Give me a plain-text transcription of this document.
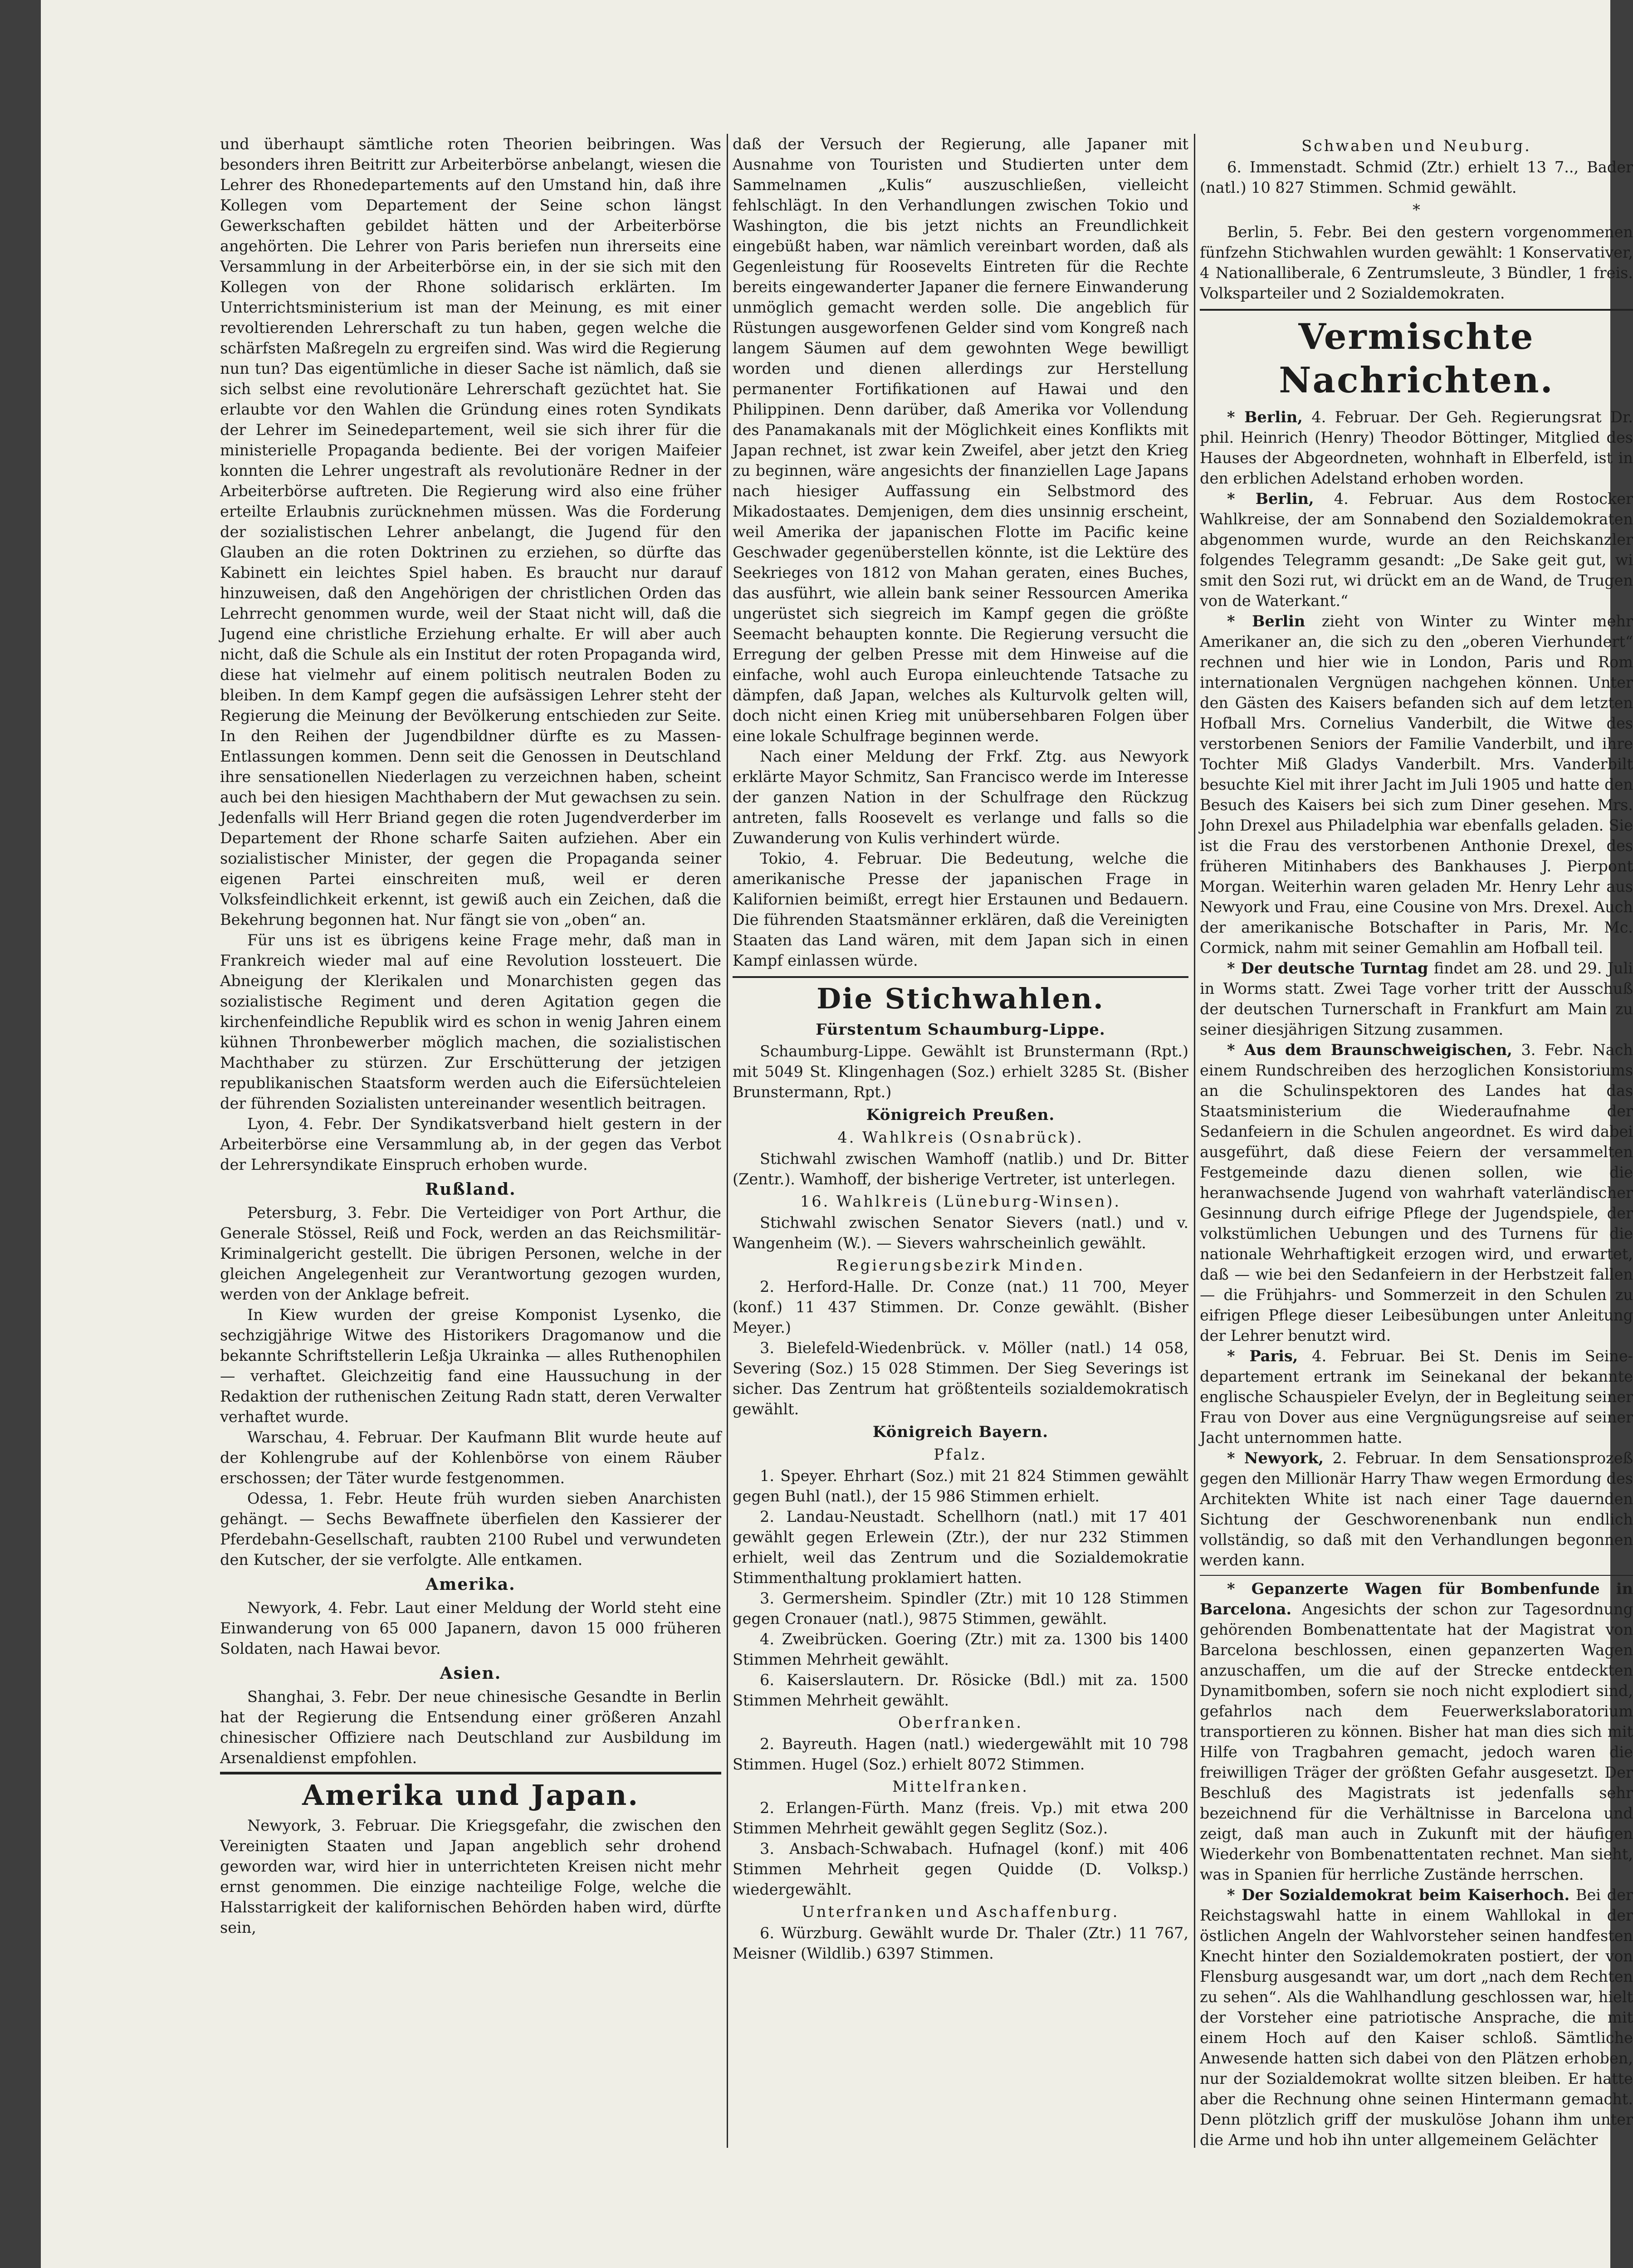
und überhaupt sämtliche roten Theorien beibringen. Was besonders ihren Beitritt zur Arbeiterbörse anbelangt, wiesen die Lehrer des Rhonedepartements auf den Umstand hin, daß ihre Kollegen vom Departement der Seine schon längst Gewerkschaften gebildet hätten und der Arbeiterbörse angehörten. Die Lehrer von Paris beriefen nun ihrerseits eine Versammlung in der Arbeiterbörse ein, in der sie sich mit den Kollegen von der Rhone solidarisch erklärten. Im Unterrichtsministerium ist man der Meinung, es mit einer revoltierenden Lehrerschaft zu tun haben, gegen welche die schärfsten Maßregeln zu ergreifen sind. Was wird die Regierung nun tun? Das eigentümliche in dieser Sache ist nämlich, daß sie sich selbst eine revolutionäre Lehrerschaft gezüchtet hat. Sie erlaubte vor den Wahlen die Gründung eines roten Syndikats der Lehrer im Seinedepartement, weil sie sich ihrer für die ministerielle Propaganda bediente. Bei der vorigen Maifeier konnten die Lehrer ungestraft als revolutionäre Redner in der Arbeiterbörse auftreten. Die Regierung wird also eine früher erteilte Erlaubnis zurücknehmen müssen. Was die Forderung der sozialistischen Lehrer anbelangt, die Jugend für den Glauben an die roten Doktrinen zu erziehen, so dürfte das Kabinett ein leichtes Spiel haben. Es braucht nur darauf hinzuweisen, daß den Angehörigen der christlichen Orden das Lehrrecht genommen wurde, weil der Staat nicht will, daß die Jugend eine christliche Erziehung erhalte. Er will aber auch nicht, daß die Schule als ein Institut der roten Propaganda wird, diese hat vielmehr auf einem politisch neutralen Boden zu bleiben. In dem Kampf gegen die aufsässigen Lehrer steht der Regierung die Meinung der Bevölkerung entschieden zur Seite. In den Reihen der Jugendbildner dürfte es zu Massen-Entlassungen kommen. Denn seit die Genossen in Deutschland ihre sensationellen Niederlagen zu verzeichnen haben, scheint auch bei den hiesigen Machthabern der Mut gewachsen zu sein. Jedenfalls will Herr Briand gegen die roten Jugendverderber im Departement der Rhone scharfe Saiten aufziehen. Aber ein sozialistischer Minister, der gegen die Propaganda seiner eigenen Partei einschreiten muß, weil er deren Volksfeindlichkeit erkennt, ist gewiß auch ein Zeichen, daß die Bekehrung begonnen hat. Nur fängt sie von „oben“ an.

Für uns ist es übrigens keine Frage mehr, daß man in Frankreich wieder mal auf eine Revolution lossteuert. Die Abneigung der Klerikalen und Monarchisten gegen das sozialistische Regiment und deren Agitation gegen die kirchenfeindliche Republik wird es schon in wenig Jahren einem kühnen Thronbewerber möglich machen, die sozialistischen Machthaber zu stürzen. Zur Erschütterung der jetzigen republikanischen Staatsform werden auch die Eifersüchteleien der führenden Sozialisten untereinander wesentlich beitragen.

Lyon, 4. Febr. Der Syndikatsverband hielt gestern in der Arbeiterbörse eine Versammlung ab, in der gegen das Verbot der Lehrersyndikate Einspruch erhoben wurde.

Rußland.

Petersburg, 3. Febr. Die Verteidiger von Port Arthur, die Generale Stössel, Reiß und Fock, werden an das Reichsmilitär-Kriminalgericht gestellt. Die übrigen Personen, welche in der gleichen Angelegenheit zur Verantwortung gezogen wurden, werden von der Anklage befreit.

In Kiew wurden der greise Komponist Lysenko, die sechzigjährige Witwe des Historikers Dragomanow und die bekannte Schriftstellerin Leßja Ukrainka — alles Ruthenophilen — verhaftet. Gleichzeitig fand eine Haussuchung in der Redaktion der ruthenischen Zeitung Radn statt, deren Verwalter verhaftet wurde.

Warschau, 4. Februar. Der Kaufmann Blit wurde heute auf der Kohlengrube auf der Kohlenbörse von einem Räuber erschossen; der Täter wurde festgenommen.

Odessa, 1. Febr. Heute früh wurden sieben Anarchisten gehängt. — Sechs Bewaffnete überfielen den Kassierer der Pferdebahn-Gesellschaft, raubten 2100 Rubel und verwundeten den Kutscher, der sie verfolgte. Alle entkamen.

Amerika.

Newyork, 4. Febr. Laut einer Meldung der World steht eine Einwanderung von 65 000 Japanern, davon 15 000 früheren Soldaten, nach Hawai bevor.

Asien.

Shanghai, 3. Febr. Der neue chinesische Gesandte in Berlin hat der Regierung die Entsendung einer größeren Anzahl chinesischer Offiziere nach Deutschland zur Ausbildung im Arsenaldienst empfohlen.

Amerika und Japan.

Newyork, 3. Februar. Die Kriegsgefahr, die zwischen den Vereinigten Staaten und Japan angeblich sehr drohend geworden war, wird hier in unterrichteten Kreisen nicht mehr ernst genommen. Die einzige nachteilige Folge, welche die Halsstarrigkeit der kalifornischen Behörden haben wird, dürfte sein,

daß der Versuch der Regierung, alle Japaner mit Ausnahme von Touristen und Studierten unter dem Sammelnamen „Kulis“ auszuschließen, vielleicht fehlschlägt. In den Verhandlungen zwischen Tokio und Washington, die bis jetzt nichts an Freundlichkeit eingebüßt haben, war nämlich vereinbart worden, daß als Gegenleistung für Roosevelts Eintreten für die Rechte bereits eingewanderter Japaner die fernere Einwanderung unmöglich gemacht werden solle. Die angeblich für Rüstungen ausgeworfenen Gelder sind vom Kongreß nach langem Säumen auf dem gewohnten Wege bewilligt worden und dienen allerdings zur Herstellung permanenter Fortifikationen auf Hawai und den Philippinen. Denn darüber, daß Amerika vor Vollendung des Panamakanals mit der Möglichkeit eines Konflikts mit Japan rechnet, ist zwar kein Zweifel, aber jetzt den Krieg zu beginnen, wäre angesichts der finanziellen Lage Japans nach hiesiger Auffassung ein Selbstmord des Mikadostaates. Demjenigen, dem dies unsinnig erscheint, weil Amerika der japanischen Flotte im Pacific keine Geschwader gegenüberstellen könnte, ist die Lektüre des Seekrieges von 1812 von Mahan geraten, eines Buches, das ausführt, wie allein bank seiner Ressourcen Amerika ungerüstet sich siegreich im Kampf gegen die größte Seemacht behaupten konnte. Die Regierung versucht die Erregung der gelben Presse mit dem Hinweise auf die einfache, wohl auch Europa einleuchtende Tatsache zu dämpfen, daß Japan, welches als Kulturvolk gelten will, doch nicht einen Krieg mit unübersehbaren Folgen über eine lokale Schulfrage beginnen werde.

Nach einer Meldung der Frkf. Ztg. aus Newyork erklärte Mayor Schmitz, San Francisco werde im Interesse der ganzen Nation in der Schulfrage den Rückzug antreten, falls Roosevelt es verlange und falls so die Zuwanderung von Kulis verhindert würde.

Tokio, 4. Februar. Die Bedeutung, welche die amerikanische Presse der japanischen Frage in Kalifornien beimißt, erregt hier Erstaunen und Bedauern. Die führenden Staatsmänner erklären, daß die Vereinigten Staaten das Land wären, mit dem Japan sich in einen Kampf einlassen würde.

Die Stichwahlen.
Fürstentum Schaumburg-Lippe.

Schaumburg-Lippe. Gewählt ist Brunstermann (Rpt.) mit 5049 St. Klingenhagen (Soz.) erhielt 3285 St. (Bisher Brunstermann, Rpt.)

Königreich Preußen.
4. Wahlkreis (Osnabrück).

Stichwahl zwischen Wamhoff (natlib.) und Dr. Bitter (Zentr.). Wamhoff, der bisherige Vertreter, ist unterlegen.

16. Wahlkreis (Lüneburg-Winsen).

Stichwahl zwischen Senator Sievers (natl.) und v. Wangenheim (W.). — Sievers wahrscheinlich gewählt.

Regierungsbezirk Minden.

2. Herford-Halle. Dr. Conze (nat.) 11 700, Meyer (konf.) 11 437 Stimmen. Dr. Conze gewählt. (Bisher Meyer.)

3. Bielefeld-Wiedenbrück. v. Möller (natl.) 14 058, Severing (Soz.) 15 028 Stimmen. Der Sieg Severings ist sicher. Das Zentrum hat größtenteils sozialdemokratisch gewählt.

Königreich Bayern.
Pfalz.

1. Speyer. Ehrhart (Soz.) mit 21 824 Stimmen gewählt gegen Buhl (natl.), der 15 986 Stimmen erhielt.

2. Landau-Neustadt. Schellhorn (natl.) mit 17 401 gewählt gegen Erlewein (Ztr.), der nur 232 Stimmen erhielt, weil das Zentrum und die Sozialdemokratie Stimmenthaltung proklamiert hatten.

3. Germersheim. Spindler (Ztr.) mit 10 128 Stimmen gegen Cronauer (natl.), 9875 Stimmen, gewählt.

4. Zweibrücken. Goering (Ztr.) mit za. 1300 bis 1400 Stimmen Mehrheit gewählt.

6. Kaiserslautern. Dr. Rösicke (Bdl.) mit za. 1500 Stimmen Mehrheit gewählt.

Oberfranken.

2. Bayreuth. Hagen (natl.) wiedergewählt mit 10 798 Stimmen. Hugel (Soz.) erhielt 8072 Stimmen.

Mittelfranken.

2. Erlangen-Fürth. Manz (freis. Vp.) mit etwa 200 Stimmen Mehrheit gewählt gegen Seglitz (Soz.).

3. Ansbach-Schwabach. Hufnagel (konf.) mit 406 Stimmen Mehrheit gegen Quidde (D. Volksp.) wiedergewählt.

Unterfranken und Aschaffenburg.

6. Würzburg. Gewählt wurde Dr. Thaler (Ztr.) 11 767, Meisner (Wildlib.) 6397 Stimmen.

Schwaben und Neuburg.

6. Immenstadt. Schmid (Ztr.) erhielt 13 7.., Bader (natl.) 10 827 Stimmen. Schmid gewählt.

*

Berlin, 5. Febr. Bei den gestern vorgenommenen fünfzehn Stichwahlen wurden gewählt: 1 Konservativer, 4 Nationalliberale, 6 Zentrumsleute, 3 Bündler, 1 freis. Volksparteiler und 2 Sozialdemokraten.

Vermischte Nachrichten.

* Berlin, 4. Februar. Der Geh. Regierungsrat Dr. phil. Heinrich (Henry) Theodor Böttinger, Mitglied des Hauses der Abgeordneten, wohnhaft in Elberfeld, ist in den erblichen Adelstand erhoben worden.

* Berlin, 4. Februar. Aus dem Rostocker Wahlkreise, der am Sonnabend den Sozialdemokraten abgenommen wurde, wurde an den Reichskanzler folgendes Telegramm gesandt: „De Sake geit gut, wi smit den Sozi rut, wi drückt em an de Wand, de Trugen von de Waterkant.“

* Berlin zieht von Winter zu Winter mehr Amerikaner an, die sich zu den „oberen Vierhundert“ rechnen und hier wie in London, Paris und Rom internationalen Vergnügen nachgehen können. Unter den Gästen des Kaisers befanden sich auf dem letzten Hofball Mrs. Cornelius Vanderbilt, die Witwe des verstorbenen Seniors der Familie Vanderbilt, und ihre Tochter Miß Gladys Vanderbilt. Mrs. Vanderbilt besuchte Kiel mit ihrer Jacht im Juli 1905 und hatte den Besuch des Kaisers bei sich zum Diner gesehen. Mrs. John Drexel aus Philadelphia war ebenfalls geladen. Sie ist die Frau des verstorbenen Anthonie Drexel, des früheren Mitinhabers des Bankhauses J. Pierpont Morgan. Weiterhin waren geladen Mr. Henry Lehr aus Newyork und Frau, eine Cousine von Mrs. Drexel. Auch der amerikanische Botschafter in Paris, Mr. Mc. Cormick, nahm mit seiner Gemahlin am Hofball teil.

* Der deutsche Turntag findet am 28. und 29. Juli in Worms statt. Zwei Tage vorher tritt der Ausschuß der deutschen Turnerschaft in Frankfurt am Main zu seiner diesjährigen Sitzung zusammen.

* Aus dem Braunschweigischen, 3. Febr. Nach einem Rundschreiben des herzoglichen Konsistoriums an die Schulinspektoren des Landes hat das Staatsministerium die Wiederaufnahme der Sedanfeiern in die Schulen angeordnet. Es wird dabei ausgeführt, daß diese Feiern der versammelten Festgemeinde dazu dienen sollen, wie die heranwachsende Jugend von wahrhaft vaterländischer Gesinnung durch eifrige Pflege der Jugendspiele, der volkstümlichen Uebungen und des Turnens für die nationale Wehrhaftigkeit erzogen wird, und erwartet, daß — wie bei den Sedanfeiern in der Herbstzeit fallen — die Frühjahrs- und Sommerzeit in den Schulen zu eifrigen Pflege dieser Leibesübungen unter Anleitung der Lehrer benutzt wird.

* Paris, 4. Februar. Bei St. Denis im Seine-departement ertrank im Seinekanal der bekannte englische Schauspieler Evelyn, der in Begleitung seiner Frau von Dover aus eine Vergnügungsreise auf seiner Jacht unternommen hatte.

* Newyork, 2. Februar. In dem Sensationsprozeß gegen den Millionär Harry Thaw wegen Ermordung des Architekten White ist nach einer Tage dauernden Sichtung der Geschworenenbank nun endlich vollständig, so daß mit den Verhandlungen begonnen werden kann.

* Gepanzerte Wagen für Bombenfunde in Barcelona. Angesichts der schon zur Tagesordnung gehörenden Bombenattentate hat der Magistrat von Barcelona beschlossen, einen gepanzerten Wagen anzuschaffen, um die auf der Strecke entdeckten Dynamitbomben, sofern sie noch nicht explodiert sind, gefahrlos nach dem Feuerwerkslaboratorium transportieren zu können. Bisher hat man dies sich mit Hilfe von Tragbahren gemacht, jedoch waren die freiwilligen Träger der größten Gefahr ausgesetzt. Der Beschluß des Magistrats ist jedenfalls sehr bezeichnend für die Verhältnisse in Barcelona und zeigt, daß man auch in Zukunft mit der häufigen Wiederkehr von Bombenattentaten rechnet. Man sieht, was in Spanien für herrliche Zustände herrschen.

* Der Sozialdemokrat beim Kaiserhoch. Bei der Reichstagswahl hatte in einem Wahllokal in der östlichen Angeln der Wahlvorsteher seinen handfesten Knecht hinter den Sozialdemokraten postiert, der von Flensburg ausgesandt war, um dort „nach dem Rechten zu sehen“. Als die Wahlhandlung geschlossen war, hielt der Vorsteher eine patriotische Ansprache, die mit einem Hoch auf den Kaiser schloß. Sämtliche Anwesende hatten sich dabei von den Plätzen erhoben, nur der Sozialdemokrat wollte sitzen bleiben. Er hatte aber die Rechnung ohne seinen Hintermann gemacht. Denn plötzlich griff der muskulöse Johann ihm unter die Arme und hob ihn unter allgemeinem Gelächter
